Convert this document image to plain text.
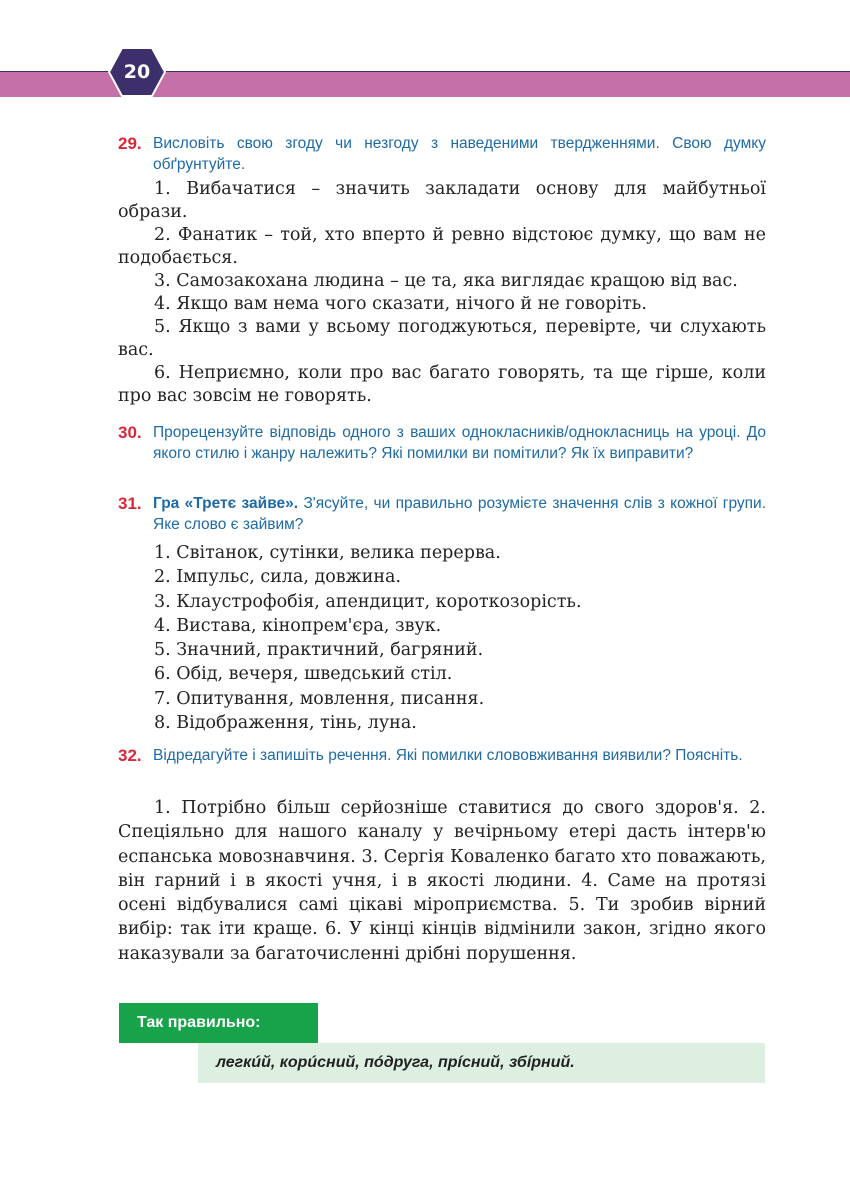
20
29. Висловіть свою згоду чи незгоду з наведеними твердженнями. Свою думку обґрунтуйте.

1. Вибачатися – значить закладати основу для майбутньої образи.

2. Фанатик – той, хто вперто й ревно відстоює думку, що вам не подобається.

3. Самозакохана людина – це та, яка виглядає кращою від вас.

4. Якщо вам нема чого сказати, нічого й не говоріть.

5. Якщо з вами у всьому погоджуються, перевірте, чи слухають вас.

6. Неприємно, коли про вас багато говорять, та ще гірше, коли про вас зовсім не говорять.

30. Прорецензуйте відповідь одного з ваших однокласників/однокласниць на уроці. До якого стилю і жанру належить? Які помилки ви помітили? Як їх виправити?
31. Гра «Третє зайве». З'ясуйте, чи правильно розумієте значення слів з кожної групи. Яке слово є зайвим?
1. Світанок, сутінки, велика перерва.
2. Імпульс, сила, довжина.
3. Клаустрофобія, апендицит, короткозорість.
4. Вистава, кінопрем'єра, звук.
5. Значний, практичний, багряний.
6. Обід, вечеря, шведський стіл.
7. Опитування, мовлення, писання.
8. Відображення, тінь, луна.
32. Відредагуйте і запишіть речення. Які помилки слововживання виявили? Поясніть.

1. Потрібно більш серйозніше ставитися до свого здоров'я. 2. Спеціяльно для нашого каналу у вечірньому етері дасть інтерв'ю еспанська мовознавчиня. 3. Сергія Коваленко багато хто поважають, він гарний і в якості учня, і в якості людини. 4. Саме на протязі осені відбувалися самі цікаві міроприємства. 5. Ти зробив вірний вибір: так іти краще. 6. У кінці кінців відмінили закон, згідно якого наказували за багаточисленні дрібні порушення.

Так правильно:
легкúй, корúсний, пóдруга, прíсний, збíрний.
